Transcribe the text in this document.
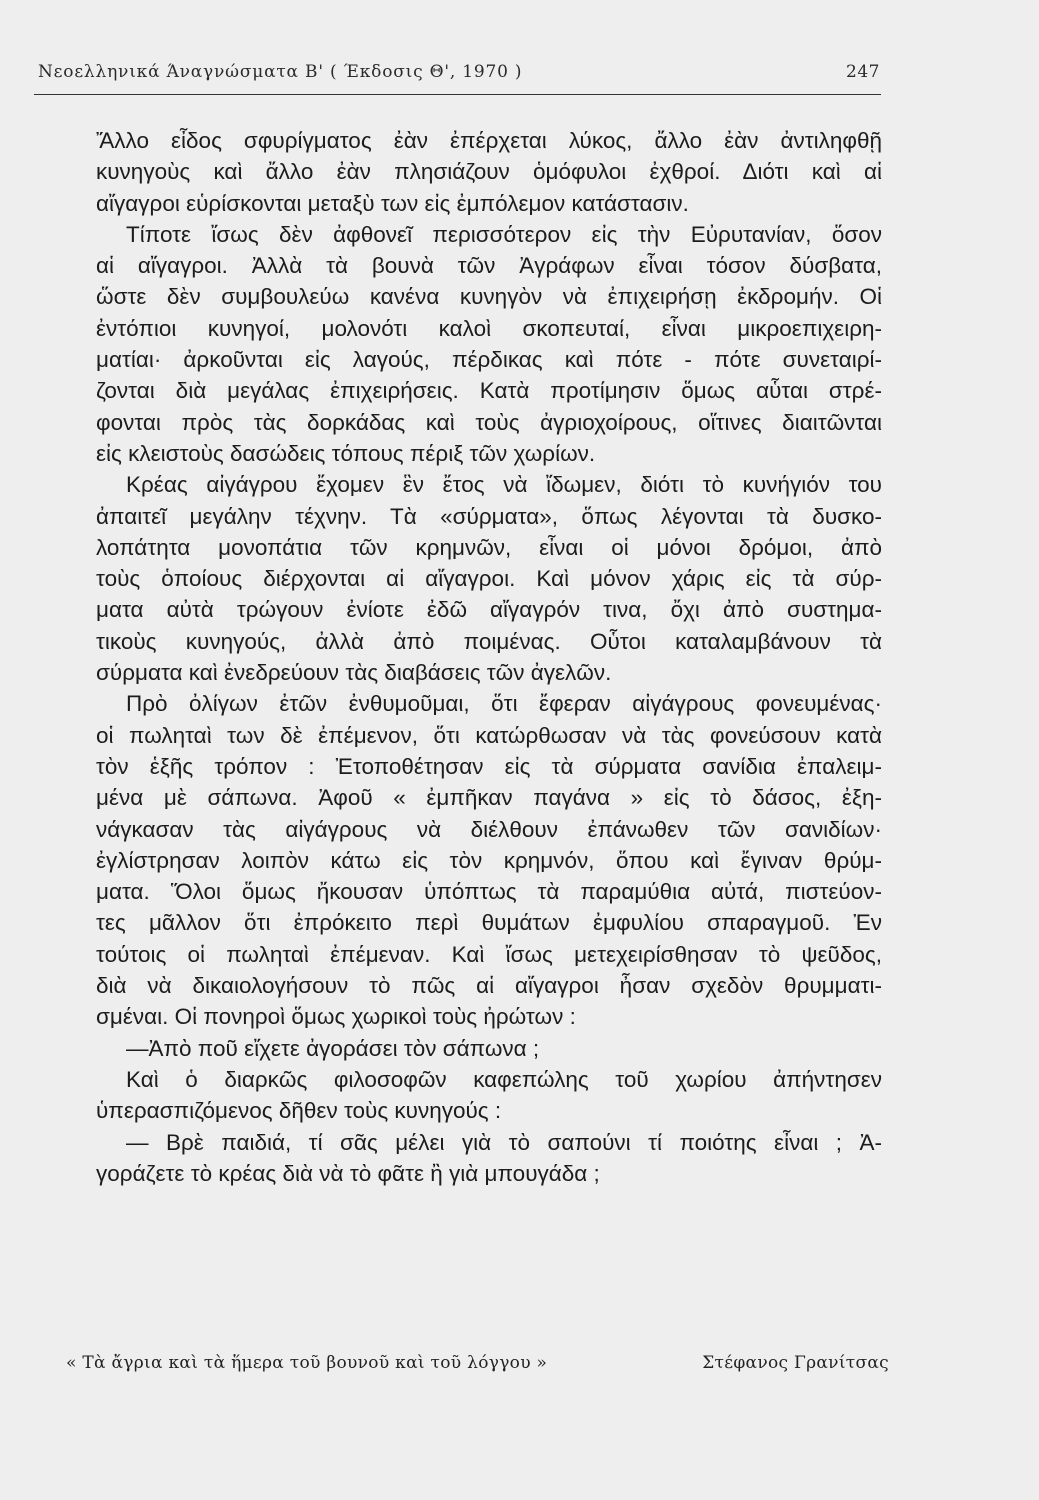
Νεοελληνικά Άναγνώσματα Β' ( Έκδοσις Θ', 1970 )	247
Ἄλλο εἶδος σφυρίγματος ἐὰν ἐπέρχεται λύκος, ἄλλο ἐὰν ἀντιληφθῇ
κυνηγοὺς καὶ ἄλλο ἐὰν πλησιάζουν ὁμόφυλοι ἐχθροί. Διότι καὶ αἱ
αἴγαγροι εὑρίσκονται μεταξὺ των εἰς ἐμπόλεμον κατάστασιν.
Τίποτε ἴσως δὲν ἀφθονεῖ περισσότερον εἰς τὴν Εὐρυτανίαν, ὅσον
αἱ αἴγαγροι. Ἀλλὰ τὰ βουνὰ τῶν Ἀγράφων εἶναι τόσον δύσβατα,
ὥστε δὲν συμβουλεύω κανένα κυνηγὸν νὰ ἐπιχειρήσῃ ἐκδρομήν. Οἱ
ἐντόπιοι κυνηγοί, μολονότι καλοὶ σκοπευταί, εἶναι μικροεπιχειρη-
ματίαι· ἀρκοῦνται εἰς λαγούς, πέρδικας καὶ πότε - πότε συνεταιρί-
ζονται διὰ μεγάλας ἐπιχειρήσεις. Κατὰ προτίμησιν ὅμως αὗται στρέ-
φονται πρὸς τὰς δορκάδας καὶ τοὺς ἀγριοχοίρους, οἵτινες διαιτῶνται
εἰς κλειστοὺς δασώδεις τόπους πέριξ τῶν χωρίων.
Κρέας αἰγάγρου ἔχομεν ἓν ἔτος νὰ ἴδωμεν, διότι τὸ κυνήγιόν του
ἀπαιτεῖ μεγάλην τέχνην. Τὰ «σύρματα», ὅπως λέγονται τὰ δυσκο-
λοπάτητα μονοπάτια τῶν κρημνῶν, εἶναι οἱ μόνοι δρόμοι, ἀπὸ
τοὺς ὁποίους διέρχονται αἱ αἴγαγροι. Καὶ μόνον χάρις εἰς τὰ σύρ-
ματα αὐτὰ τρώγουν ἐνίοτε ἐδῶ αἴγαγρόν τινα, ὄχι ἀπὸ συστημα-
τικοὺς κυνηγούς, ἀλλὰ ἀπὸ ποιμένας. Οὗτοι καταλαμβάνουν τὰ
σύρματα καὶ ἐνεδρεύουν τὰς διαβάσεις τῶν ἀγελῶν.
Πρὸ ὀλίγων ἐτῶν ἐνθυμοῦμαι, ὅτι ἔφεραν αἰγάγρους φονευμένας·
οἱ πωληταὶ των δὲ ἐπέμενον, ὅτι κατώρθωσαν νὰ τὰς φονεύσουν κατὰ
τὸν ἑξῆς τρόπον : Ἐτοποθέτησαν εἰς τὰ σύρματα σανίδια ἐπαλειμ-
μένα μὲ σάπωνα. Ἀφοῦ « ἐμπῆκαν παγάνα » εἰς τὸ δάσος, ἐξη-
νάγκασαν τὰς αἰγάγρους νὰ διέλθουν ἐπάνωθεν τῶν σανιδίων·
ἐγλίστρησαν λοιπὸν κάτω εἰς τὸν κρημνόν, ὅπου καὶ ἔγιναν θρύμ-
ματα. Ὅλοι ὅμως ἤκουσαν ὑπόπτως τὰ παραμύθια αὐτά, πιστεύον-
τες μᾶλλον ὅτι ἐπρόκειτο περὶ θυμάτων ἐμφυλίου σπαραγμοῦ. Ἐν
τούτοις οἱ πωληταὶ ἐπέμεναν. Καὶ ἴσως μετεχειρίσθησαν τὸ ψεῦδος,
διὰ νὰ δικαιολογήσουν τὸ πῶς αἱ αἴγαγροι ἦσαν σχεδὸν θρυμματι-
σμέναι. Οἱ πονηροὶ ὅμως χωρικοὶ τοὺς ἠρώτων :
—Ἀπὸ ποῦ εἴχετε ἀγοράσει τὸν σάπωνα ;
Καὶ ὁ διαρκῶς φιλοσοφῶν καφεπώλης τοῦ χωρίου ἀπήντησεν
ὑπερασπιζόμενος δῆθεν τοὺς κυνηγούς :
— Βρὲ παιδιά, τί σᾶς μέλει γιὰ τὸ σαπούνι τί ποιότης εἶναι ; Ἀ-
γοράζετε τὸ κρέας διὰ νὰ τὸ φᾶτε ἢ γιὰ μπουγάδα ;
« Τὰ ἄγρια καὶ τὰ ἥμερα τοῦ βουνοῦ καὶ τοῦ λόγγου »	Στέφανος Γρανίτσας
